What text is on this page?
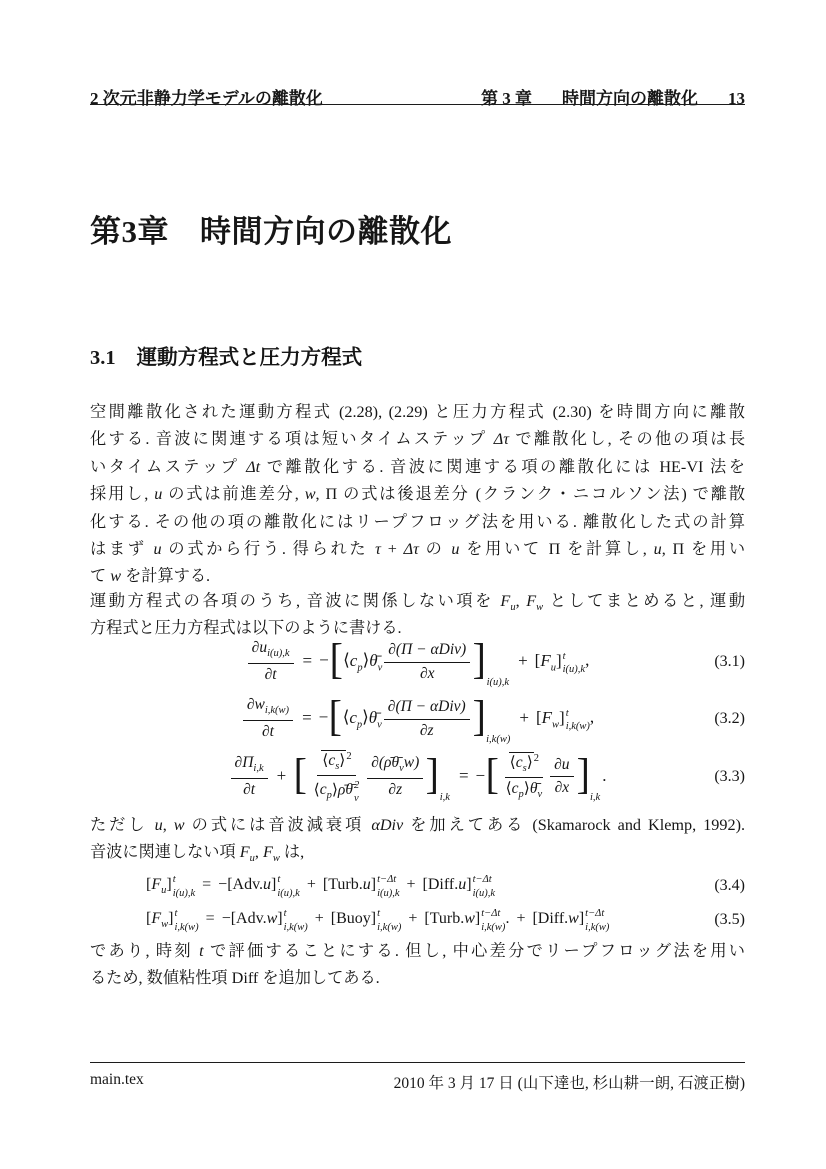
2 次元非静力学モデルの離散化	第 3 章 時間方向の離散化 13
第3章 時間方向の離散化
3.1 運動方程式と圧力方程式
空間離散化された運動方程式 (2.28), (2.29) と圧力方程式 (2.30) を時間方向に離散
化する. 音波に関連する項は短いタイムステップ Δτ で離散化し, その他の項は長
いタイムステップ Δt で離散化する. 音波に関連する項の離散化には HE-VI 法を
採用し, u の式は前進差分, w, Π の式は後退差分 (クランク・ニコルソン法) で離散
化する. その他の項の離散化にはリープフロッグ法を用いる. 離散化した式の計算
はまず u の式から行う. 得られた τ + Δτ の u を用いて Π を計算し, u, Π を用い
て w を計算する.
運動方程式の各項のうち, 音波に関係しない項を $F_u$, $F_w$ としてまとめると, 運動
方程式と圧力方程式は以下のように書ける.
$\frac{\partial u_{i(u),k}}{\partial t}$ = $-[⟨c_p⟩\thetā_v \frac{\text{∂(Π − αDiv)}}{\partial x} ]_{i(u),k}+ [F_u]$ t
i(u),k ,	(3.1)
$\frac{\partial w_{i,k(w)}}{\partial t}$ = $-[⟨c_p⟩\thetā_v \frac{\text{∂(Π − αDiv)}}{\partial z} ]_{i,k(w)}+ [F_w]$ t
i,k(w) ,	(3.2)
$\frac{\partial\Pi_{i,k}}{\partial t}$ + [ $⟨c_s⟩^2$
$⟨c_p⟩\rhō\thetā$ 2
v $\frac{\partial(\rhō\thetā_vw)}{\partial z} ]_{i,k}=$ −[ $\frac{⟨c_s⟩^2}{⟨c_p⟩\thetā_v} \frac{\partial u}{\partial x} ]_{i,k}$.	(3.3)
ただし u, w の式には音波減衰項 αDiv を加えてある (Skamarock and Klemp, 1992).
音波に関連しない項 $F_u$, $F_w$ は,
$[F_u]$ t
i(u),k = −[Adv.u] t
i(u),k + [Turb.u] t−Δt
i(u),k + [Diff.u] t−Δt
i(u),k	(3.4)
$[F_w]$ t
i,k(w) = −[Adv.w] t
i,k(w) + [Buoy] t
i,k(w) + [Turb.w] t−Δt
i,k(w) . + [Diff.w] t−Δt
i,k(w)	(3.5)
であり, 時刻 t で評価することにする. 但し, 中心差分でリープフロッグ法を用い
るため, 数値粘性項 Diff を追加してある.
main.tex	2010 年 3 月 17 日 (山下達也, 杉山耕一朗, 石渡正樹)
